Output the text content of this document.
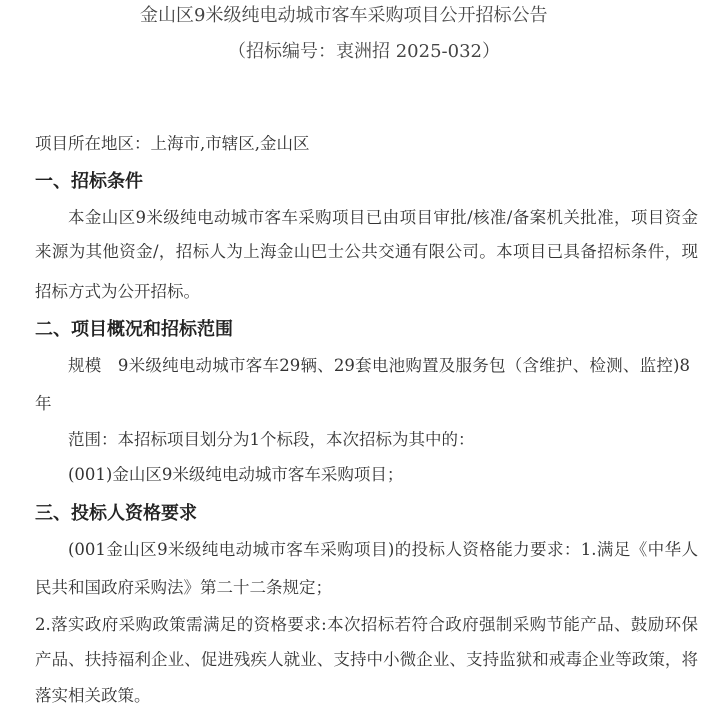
金山区9米级纯电动城市客车采购项目公开招标公告
（招标编号：衷洲招 2025-032）
项目所在地区：上海市,市辖区,金山区
一、招标条件
本金山区9米级纯电动城市客车采购项目已由项目审批/核准/备案机关批准，项目资金
来源为其他资金/，招标人为上海金山巴士公共交通有限公司。本项目已具备招标条件，现
招标方式为公开招标。
二、项目概况和招标范围
规模   9米级纯电动城市客车29辆、29套电池购置及服务包（含维护、检测、监控)8
年
范围：本招标项目划分为1个标段，本次招标为其中的：
(001)金山区9米级纯电动城市客车采购项目；
三、投标人资格要求
(001金山区9米级纯电动城市客车采购项目)的投标人资格能力要求：1.满足《中华人
民共和国政府采购法》第二十二条规定；
2.落实政府采购政策需满足的资格要求:本次招标若符合政府强制采购节能产品、鼓励环保
产品、扶持福利企业、促进残疾人就业、支持中小微企业、支持监狱和戒毒企业等政策，将
落实相关政策。
